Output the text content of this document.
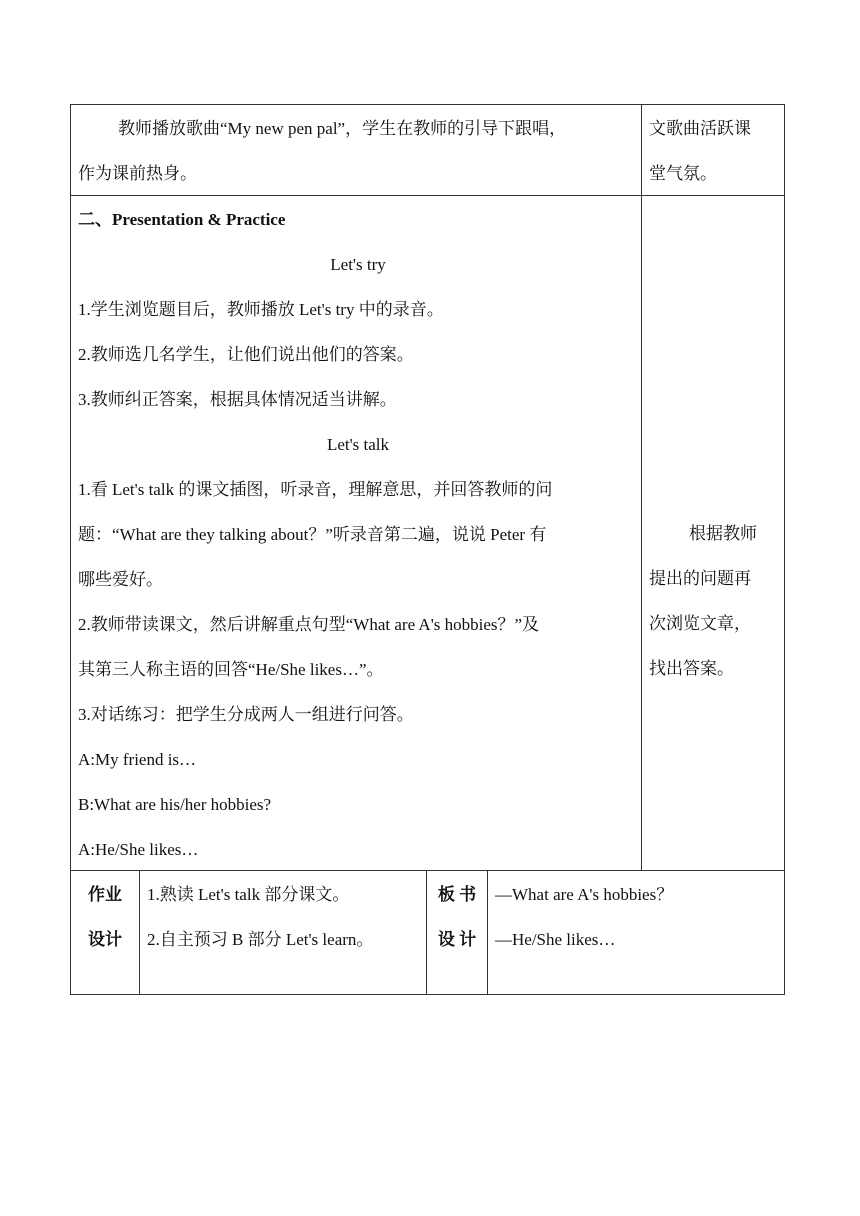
教师播放歌曲“My new pen pal”，学生在教师的引导下跟唱，
作为课前热身。
文歌曲活跃课
堂气氛。
二、Presentation & Practice
Let's try
1.学生浏览题目后，教师播放 Let's try 中的录音。
2.教师选几名学生，让他们说出他们的答案。
3.教师纠正答案，根据具体情况适当讲解。
Let's talk
1.看 Let's talk 的课文插图，听录音，理解意思，并回答教师的问
题：“What are they talking about？”听录音第二遍，说说 Peter 有
哪些爱好。
2.教师带读课文，然后讲解重点句型“What are A's hobbies？”及
其第三人称主语的回答“He/She likes…”。
3.对话练习：把学生分成两人一组进行问答。
A:My friend is…
B:What are his/her hobbies?
A:He/She likes…
根据教师
提出的问题再
次浏览文章，
找出答案。
作业
设计
1.熟读 Let's talk 部分课文。
2.自主预习 B 部分 Let's learn。
板 书
设 计
—What are A's hobbies？
—He/She likes…
